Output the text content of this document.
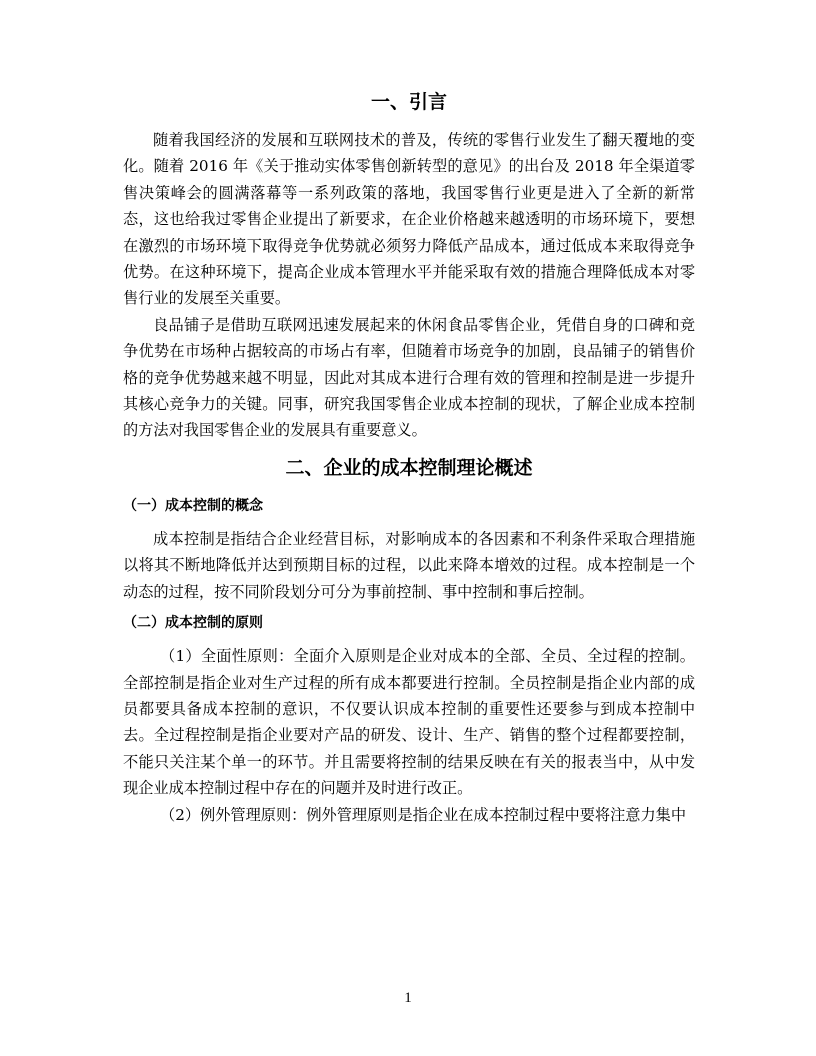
一、引言

随着我国经济的发展和互联网技术的普及，传统的零售行业发生了翻天覆地的变化。随着 2016 年《关于推动实体零售创新转型的意见》的出台及 2018 年全渠道零售决策峰会的圆满落幕等一系列政策的落地，我国零售行业更是进入了全新的新常态，这也给我过零售企业提出了新要求，在企业价格越来越透明的市场环境下，要想在激烈的市场环境下取得竞争优势就必须努力降低产品成本，通过低成本来取得竞争优势。在这种环境下，提高企业成本管理水平并能采取有效的措施合理降低成本对零售行业的发展至关重要。

良品铺子是借助互联网迅速发展起来的休闲食品零售企业，凭借自身的口碑和竞争优势在市场种占据较高的市场占有率，但随着市场竞争的加剧，良品铺子的销售价格的竞争优势越来越不明显，因此对其成本进行合理有效的管理和控制是进一步提升其核心竞争力的关键。同事，研究我国零售企业成本控制的现状，了解企业成本控制的方法对我国零售企业的发展具有重要意义。

二、企业的成本控制理论概述
（一）成本控制的概念

成本控制是指结合企业经营目标，对影响成本的各因素和不利条件采取合理措施以将其不断地降低并达到预期目标的过程，以此来降本增效的过程。成本控制是一个动态的过程，按不同阶段划分可分为事前控制、事中控制和事后控制。

（二）成本控制的原则

（1）全面性原则：全面介入原则是企业对成本的全部、全员、全过程的控制。全部控制是指企业对生产过程的所有成本都要进行控制。全员控制是指企业内部的成员都要具备成本控制的意识，不仅要认识成本控制的重要性还要参与到成本控制中去。全过程控制是指企业要对产品的研发、设计、生产、销售的整个过程都要控制，不能只关注某个单一的环节。并且需要将控制的结果反映在有关的报表当中，从中发现企业成本控制过程中存在的问题并及时进行改正。

（2）例外管理原则：例外管理原则是指企业在成本控制过程中要将注意力集中

1
